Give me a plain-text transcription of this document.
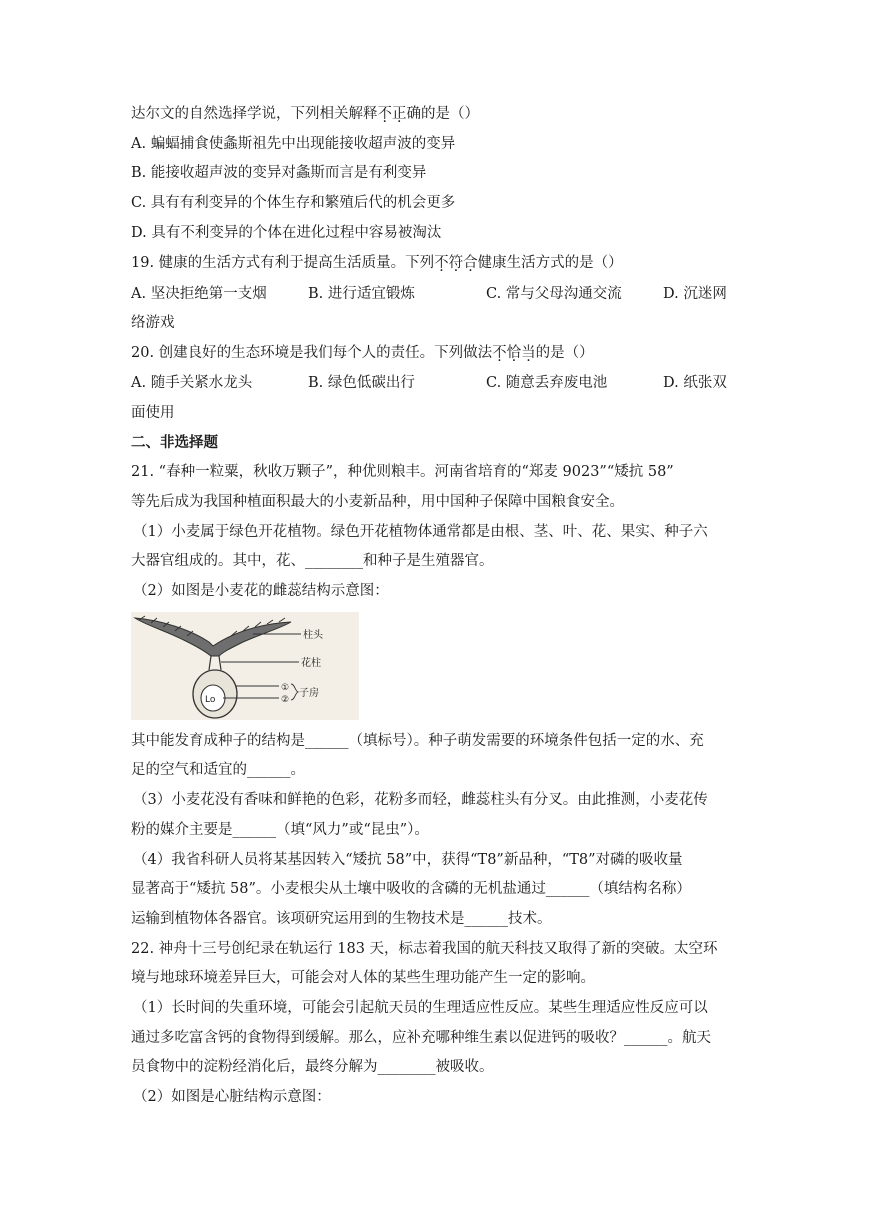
达尔文的自然选择学说，下列相关解释不正确的是（）
A. 蝙蝠捕食使螽斯祖先中出现能接收超声波的变异
B. 能接收超声波的变异对螽斯而言是有利变异
C. 具有有利变异的个体生存和繁殖后代的机会更多
D. 具有不利变异的个体在进化过程中容易被淘汰
19. 健康的生活方式有利于提高生活质量。下列不符合健康生活方式的是（）
A. 坚决拒绝第一支烟	B. 进行适宜锻炼	C. 常与父母沟通交流	D. 沉迷网
络游戏
20. 创建良好的生态环境是我们每个人的责任。下列做法不恰当的是（）
A. 随手关紧水龙头	B. 绿色低碳出行	C. 随意丢弃废电池	D. 纸张双
面使用
二、非选择题
21. “春种一粒粟，秋收万颗子”，种优则粮丰。河南省培育的“郑麦 9023”“矮抗 58”
等先后成为我国种植面积最大的小麦新品种，用中国种子保障中国粮食安全。
（1）小麦属于绿色开花植物。绿色开花植物体通常都是由根、茎、叶、花、果实、种子六
大器官组成的。其中，花、________和种子是生殖器官。
（2）如图是小麦花的雌蕊结构示意图：
柱头
花柱
①
②
子房
Lo
其中能发育成种子的结构是______（填标号）。种子萌发需要的环境条件包括一定的水、充
足的空气和适宜的______。
（3）小麦花没有香味和鲜艳的色彩，花粉多而轻，雌蕊柱头有分叉。由此推测，小麦花传
粉的媒介主要是______（填“风力”或“昆虫”）。
（4）我省科研人员将某基因转入“矮抗 58”中，获得“T8”新品种，“T8”对磷的吸收量
显著高于“矮抗 58”。小麦根尖从土壤中吸收的含磷的无机盐通过______（填结构名称）
运输到植物体各器官。该项研究运用到的生物技术是______技术。
22. 神舟十三号创纪录在轨运行 183 天，标志着我国的航天科技又取得了新的突破。太空环
境与地球环境差异巨大，可能会对人体的某些生理功能产生一定的影响。
（1）长时间的失重环境，可能会引起航天员的生理适应性反应。某些生理适应性反应可以
通过多吃富含钙的食物得到缓解。那么，应补充哪种维生素以促进钙的吸收？______。航天
员食物中的淀粉经消化后，最终分解为________被吸收。
（2）如图是心脏结构示意图：
